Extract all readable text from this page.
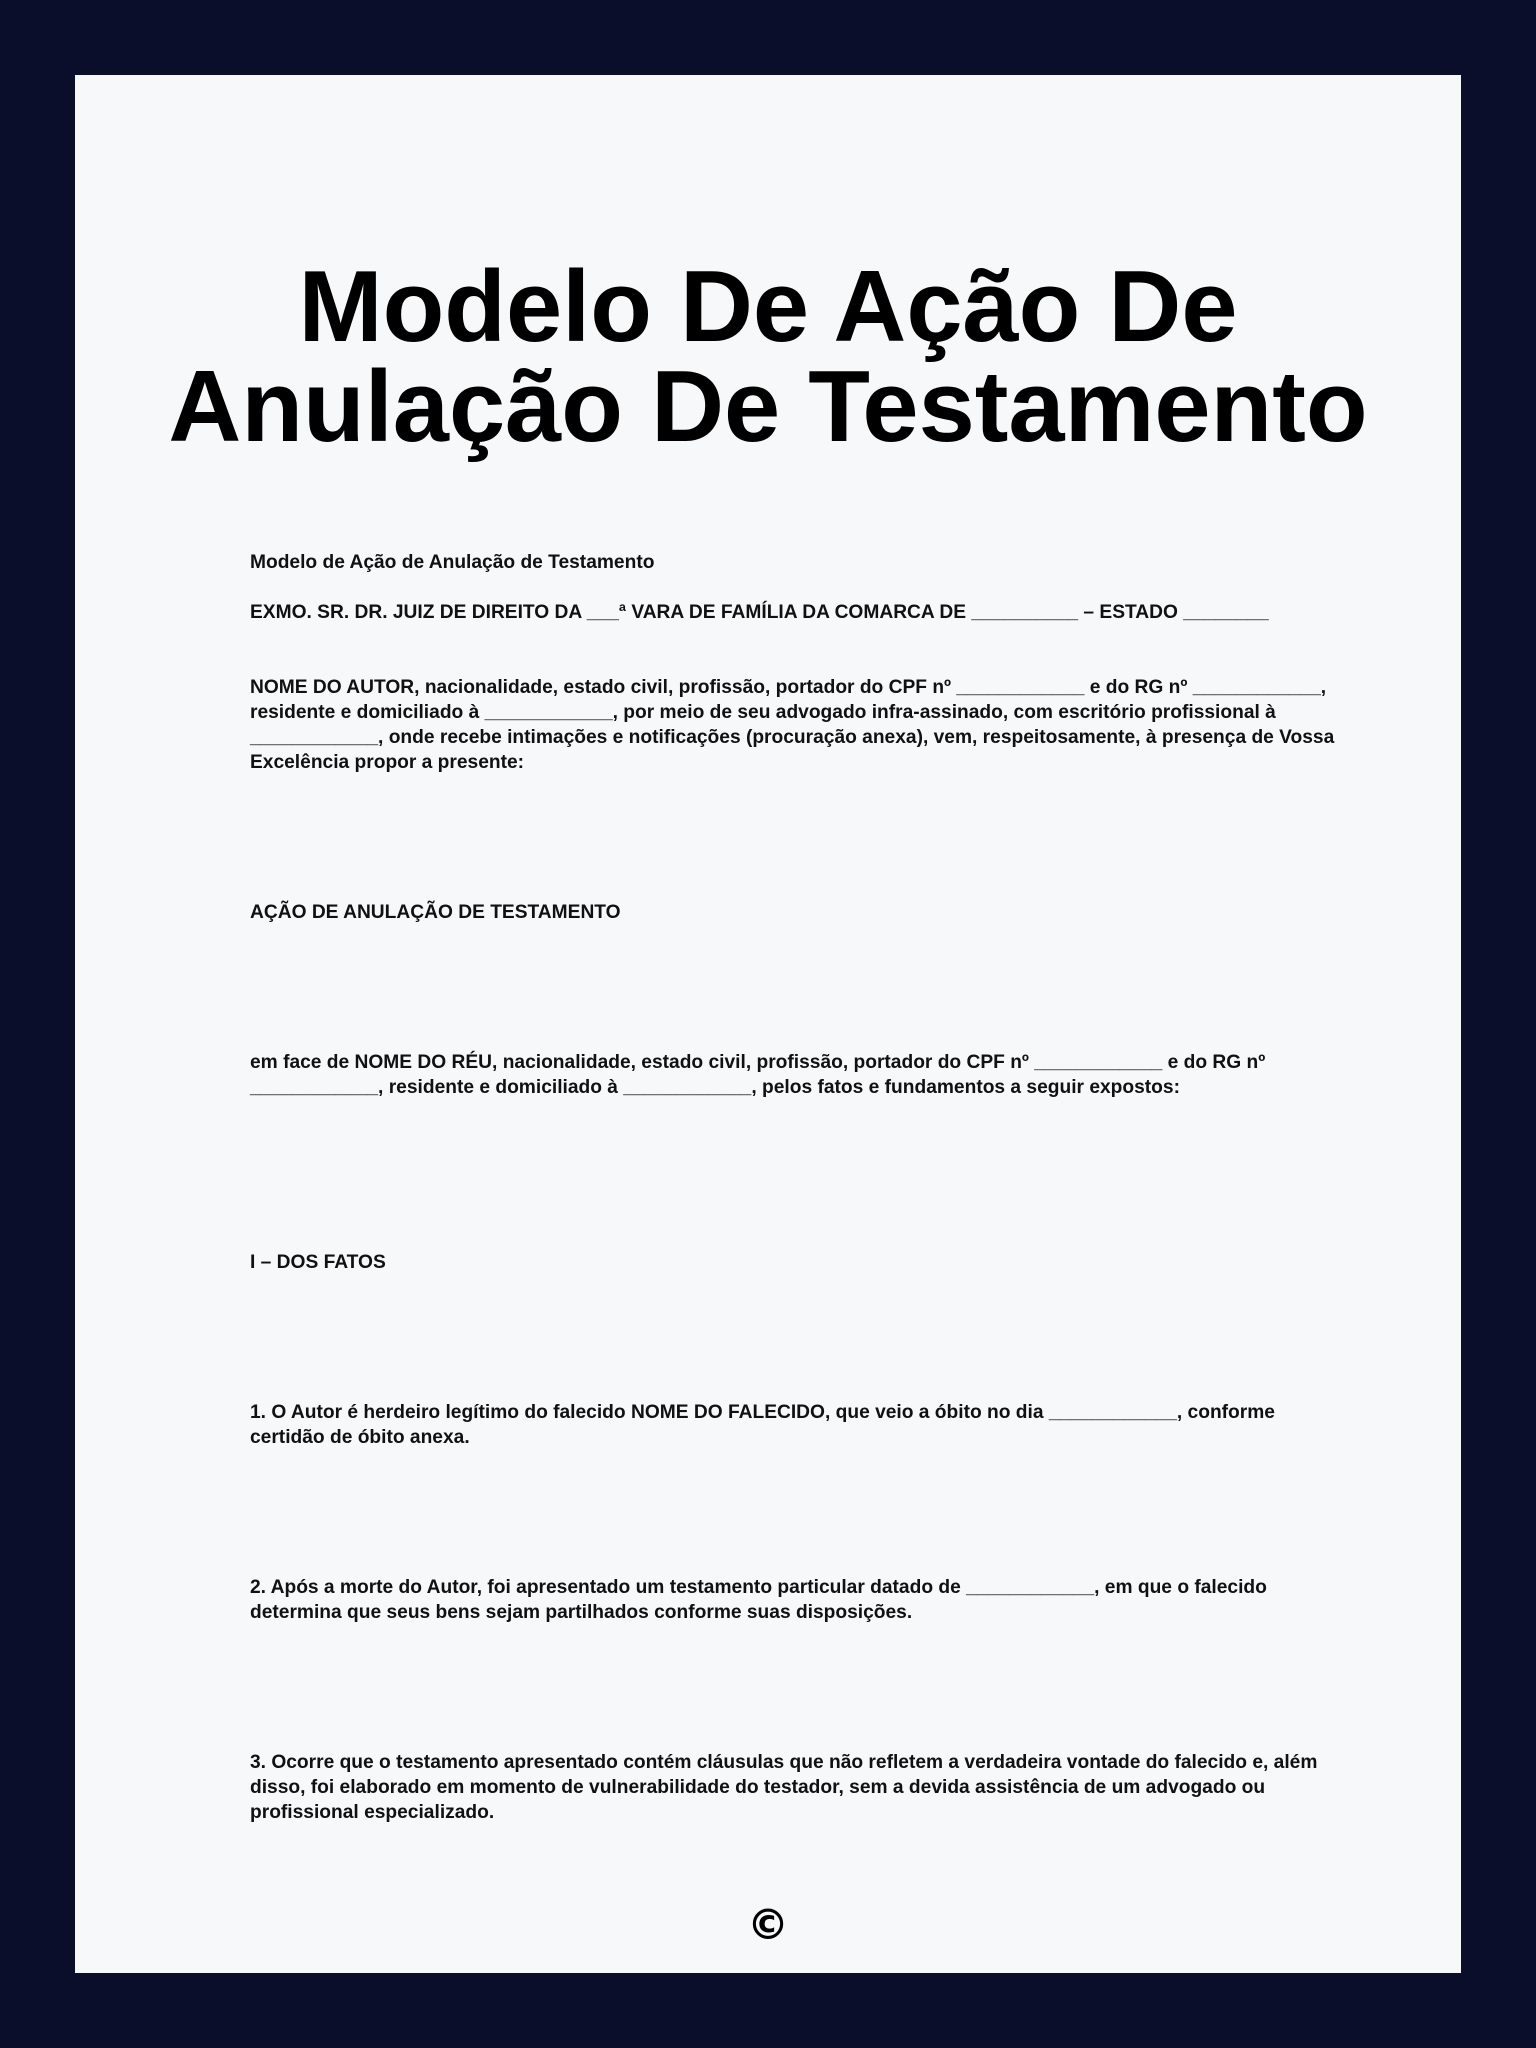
Modelo De Ação De
Anulação De Testamento

Modelo de Ação de Anulação de Testamento

EXMO. SR. DR. JUIZ DE DIREITO DA ___ª VARA DE FAMÍLIA DA COMARCA DE __________ – ESTADO ________

NOME DO AUTOR, nacionalidade, estado civil, profissão, portador do CPF nº ____________ e do RG nº ____________, residente e domiciliado à ____________, por meio de seu advogado infra-assinado, com escritório profissional à ____________, onde recebe intimações e notificações (procuração anexa), vem, respeitosamente, à presença de Vossa Excelência propor a presente:

AÇÃO DE ANULAÇÃO DE TESTAMENTO

em face de NOME DO RÉU, nacionalidade, estado civil, profissão, portador do CPF nº ____________ e do RG nº ____________, residente e domiciliado à ____________, pelos fatos e fundamentos a seguir expostos:

I – DOS FATOS

1. O Autor é herdeiro legítimo do falecido NOME DO FALECIDO, que veio a óbito no dia ____________, conforme certidão de óbito anexa.

2. Após a morte do Autor, foi apresentado um testamento particular datado de ____________, em que o falecido determina que seus bens sejam partilhados conforme suas disposições.

3. Ocorre que o testamento apresentado contém cláusulas que não refletem a verdadeira vontade do falecido e, além disso, foi elaborado em momento de vulnerabilidade do testador, sem a devida assistência de um advogado ou profissional especializado.

©
